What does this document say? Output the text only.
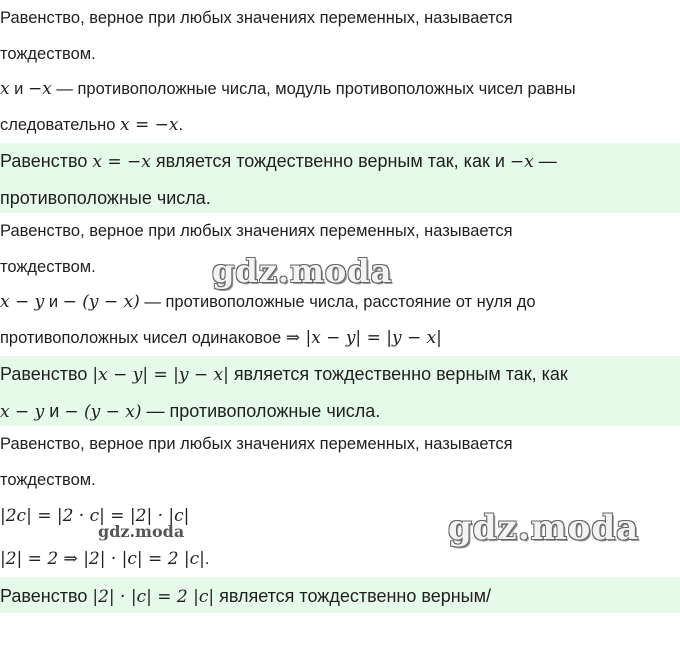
Равенство, верное при любых значениях переменных, называется
тождеством.
x и −x — противоположные числа, модуль противоположных чисел равны
следовательно x = −x.
Равенство x = −x является тождественно верным так, как и −x —
противоположные числа.
Равенство, верное при любых значениях переменных, называется
тождеством.
x − y и − (y − x) — противоположные числа, расстояние от нуля до
противоположных чисел одинаковое ⇒ |x − y| = |y − x|
Равенство |x − y| = |y − x| является тождественно верным так, как
x − y и − (y − x) — противоположные числа.
Равенство, верное при любых значениях переменных, называется
тождеством.
|2c| = |2 · c| = |2| · |c|
|2| = 2 ⇒ |2| · |c| = 2 |c|.
Равенство |2| · |c| = 2 |c| является тождественно верным/
gdz.moda
gdz.moda
gdz.moda
